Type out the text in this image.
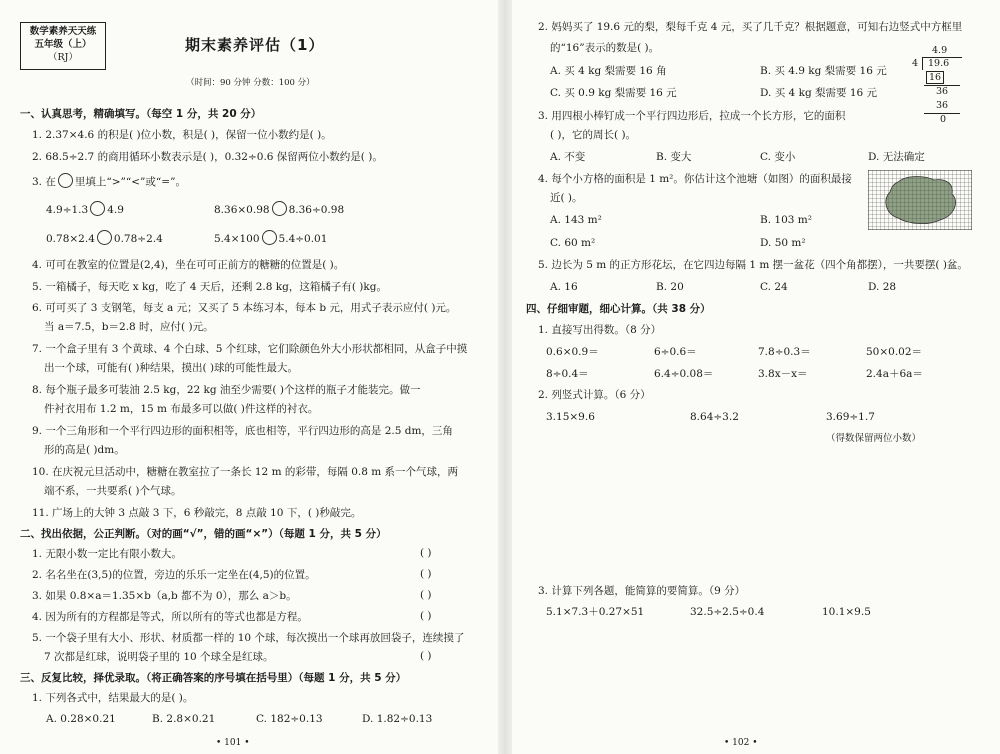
数学素养天天练
五年级（上）
（RJ）
期末素养评估（1）
（时间：90 分钟 分数：100 分）
一、认真思考，精确填写。（每空 1 分，共 20 分）
1. 2.37×4.6 的积是( )位小数，积是( )，保留一位小数约是( )。
2. 68.5÷2.7 的商用循环小数表示是( )，0.32÷0.6 保留两位小数约是( )。
3. 在 里填上“>”“<”或“=”。
4.9÷1.3 4.9	8.36×0.98 8.36÷0.98
0.78×2.4 0.78÷2.4	5.4×100 5.4÷0.01
4. 可可在教室的位置是(2,4)，坐在可可正前方的糖糖的位置是( )。
5. 一箱橘子，每天吃 x kg，吃了 4 天后，还剩 2.8 kg，这箱橘子有( )kg。
6. 可可买了 3 支钢笔，每支 a 元；又买了 5 本练习本，每本 b 元，用式子表示应付( )元。
当 a＝7.5，b＝2.8 时，应付( )元。
7. 一个盒子里有 3 个黄球、4 个白球、5 个红球，它们除颜色外大小形状都相同，从盒子中摸
出一个球，可能有( )种结果，摸出( )球的可能性最大。
8. 每个瓶子最多可装油 2.5 kg，22 kg 油至少需要( )个这样的瓶子才能装完。做一
件衬衣用布 1.2 m，15 m 布最多可以做( )件这样的衬衣。
9. 一个三角形和一个平行四边形的面积相等，底也相等，平行四边形的高是 2.5 dm，三角
形的高是( )dm。
10. 在庆祝元旦活动中，糖糖在教室拉了一条长 12 m 的彩带，每隔 0.8 m 系一个气球，两
端不系，一共要系( )个气球。
11. 广场上的大钟 3 点敲 3 下，6 秒敲完，8 点敲 10 下，( )秒敲完。
二、找出依据，公正判断。（对的画“√”，错的画“×”）（每题 1 分，共 5 分）
1. 无限小数一定比有限小数大。	( )
2. 名名坐在(3,5)的位置，旁边的乐乐一定坐在(4,5)的位置。	( )
3. 如果 0.8×a＝1.35×b（a,b 都不为 0），那么 a＞b。	( )
4. 因为所有的方程都是等式，所以所有的等式也都是方程。	( )
5. 一个袋子里有大小、形状、材质都一样的 10 个球，每次摸出一个球再放回袋子，连续摸了
7 次都是红球，说明袋子里的 10 个球全是红球。	( )
三、反复比较，择优录取。（将正确答案的序号填在括号里）（每题 1 分，共 5 分）
1. 下列各式中，结果最大的是( )。
A. 0.28×0.21	B. 2.8×0.21	C. 182÷0.13	D. 1.82÷0.13
• 101 •
2. 妈妈买了 19.6 元的梨，梨每千克 4 元，买了几千克？根据题意，可知右边竖式中方框里
的“16”表示的数是( )。
A. 买 4 kg 梨需要 16 角	B. 买 4.9 kg 梨需要 16 元
C. 买 0.9 kg 梨需要 16 元	D. 买 4 kg 梨需要 16 元
4.9
4 19.6
16
36
36
0
3. 用四根小棒钉成一个平行四边形后，拉成一个长方形，它的面积
( )，它的周长( )。
A. 不变	B. 变大	C. 变小	D. 无法确定
4. 每个小方格的面积是 1 m²。你估计这个池塘（如图）的面积最接
近( )。
A. 143 m²	B. 103 m²
C. 60 m²	D. 50 m²
5. 边长为 5 m 的正方形花坛，在它四边每隔 1 m 摆一盆花（四个角都摆），一共要摆( )盆。
A. 16	B. 20	C. 24	D. 28
四、仔细审题，细心计算。（共 38 分）
1. 直接写出得数。（8 分）
0.6×0.9＝	6÷0.6＝	7.8÷0.3＝	50×0.02＝
8÷0.4＝	6.4÷0.08＝	3.8x－x＝	2.4a＋6a＝
2. 列竖式计算。（6 分）
3.15×9.6	8.64÷3.2	3.69÷1.7
（得数保留两位小数）
3. 计算下列各题，能简算的要简算。（9 分）
5.1×7.3＋0.27×51	32.5÷2.5÷0.4	10.1×9.5
• 102 •
